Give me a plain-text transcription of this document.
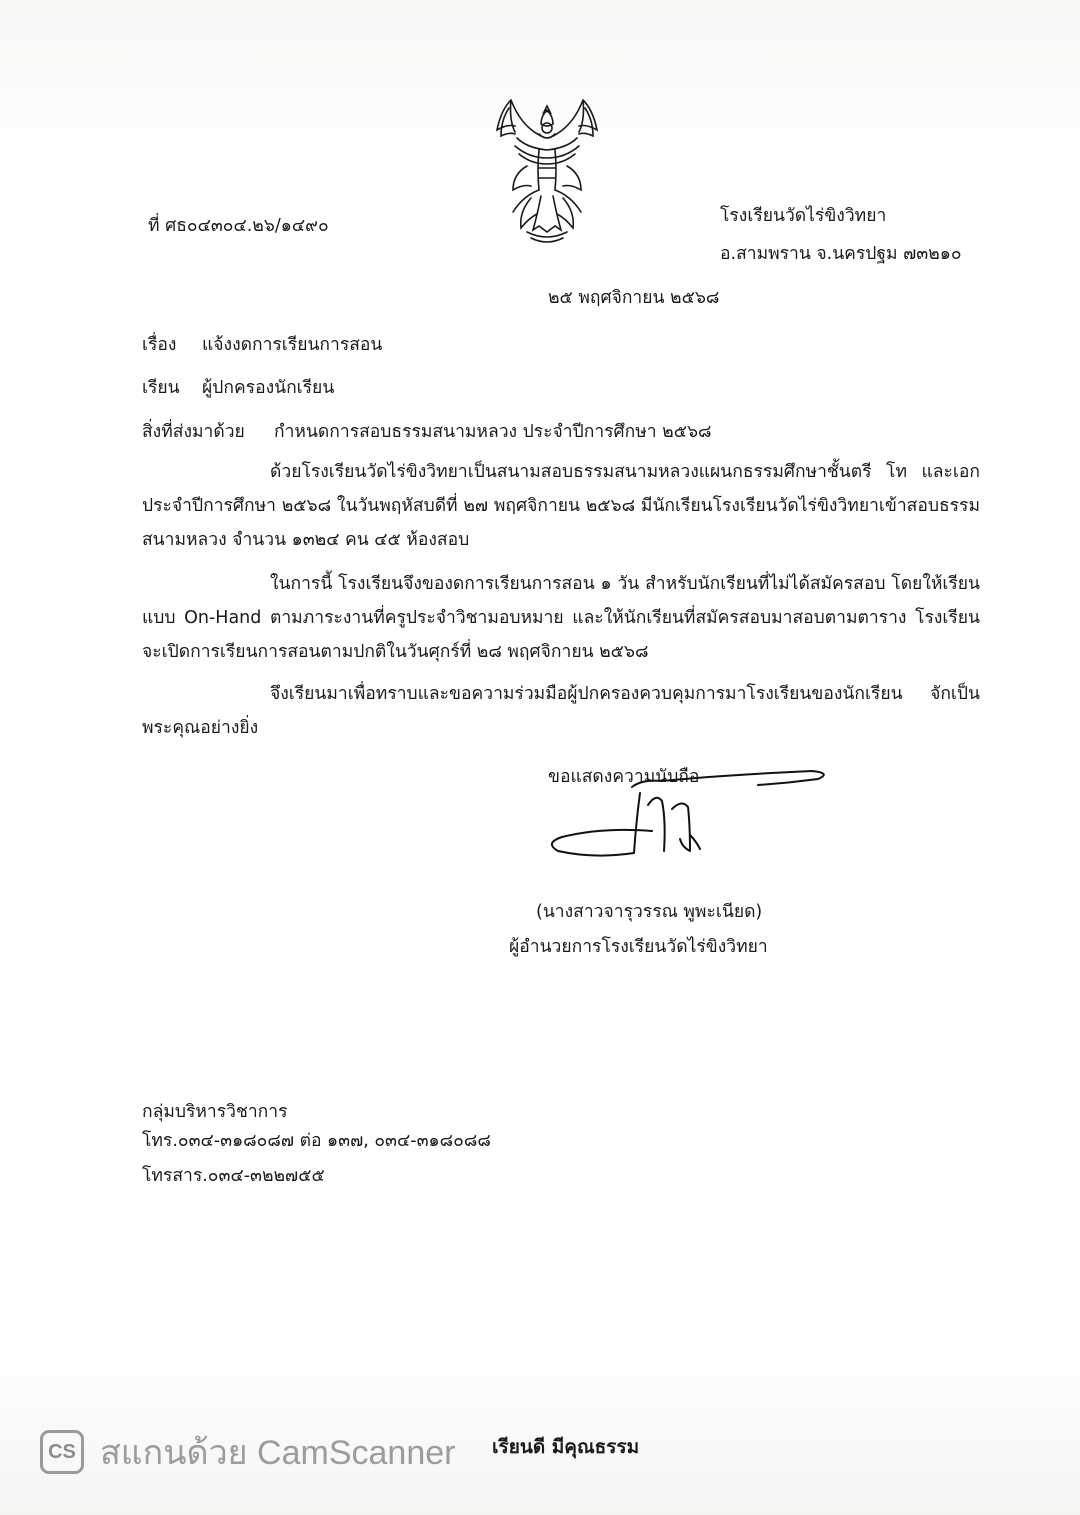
ที่ ศธ๐๔๓๐๔.๒๖/๑๔๙๐	โรงเรียนวัดไร่ขิงวิทยา
อ.สามพราน จ.นครปฐม ๗๓๒๑๐
๒๕ พฤศจิกายน ๒๕๖๘
เรื่อง แจ้งงดการเรียนการสอน
เรียน ผู้ปกครองนักเรียน
สิ่งที่ส่งมาด้วย กำหนดการสอบธรรมสนามหลวง ประจำปีการศึกษา ๒๕๖๘
ด้วยโรงเรียนวัดไร่ขิงวิทยาเป็นสนามสอบธรรมสนามหลวงแผนกธรรมศึกษาชั้นตรี โท และเอก ประจำปีการศึกษา ๒๕๖๘ ในวันพฤหัสบดีที่ ๒๗ พฤศจิกายน ๒๕๖๘ มีนักเรียนโรงเรียนวัดไร่ขิงวิทยาเข้าสอบธรรมสนามหลวง จำนวน ๑๓๒๔ คน ๔๕ ห้องสอบ
ในการนี้ โรงเรียนจึงของดการเรียนการสอน ๑ วัน สำหรับนักเรียนที่ไม่ได้สมัครสอบ โดยให้เรียนแบบ On-Hand ตามภาระงานที่ครูประจำวิชามอบหมาย และให้นักเรียนที่สมัครสอบมาสอบตามตาราง โรงเรียนจะเปิดการเรียนการสอนตามปกติในวันศุกร์ที่ ๒๘ พฤศจิกายน ๒๕๖๘
จึงเรียนมาเพื่อทราบและขอความร่วมมือผู้ปกครองควบคุมการมาโรงเรียนของนักเรียน จักเป็นพระคุณอย่างยิ่ง
ขอแสดงความนับถือ
(นางสาวจารุวรรณ พูพะเนียด)
ผู้อำนวยการโรงเรียนวัดไร่ขิงวิทยา
กลุ่มบริหารวิชาการ
โทร.๐๓๔-๓๑๘๐๘๗ ต่อ ๑๓๗, ๐๓๔-๓๑๘๐๘๘
โทรสาร.๐๓๔-๓๒๒๗๕๕
CS สแกนด้วย CamScanner เรียนดี มีคุณธรรม
